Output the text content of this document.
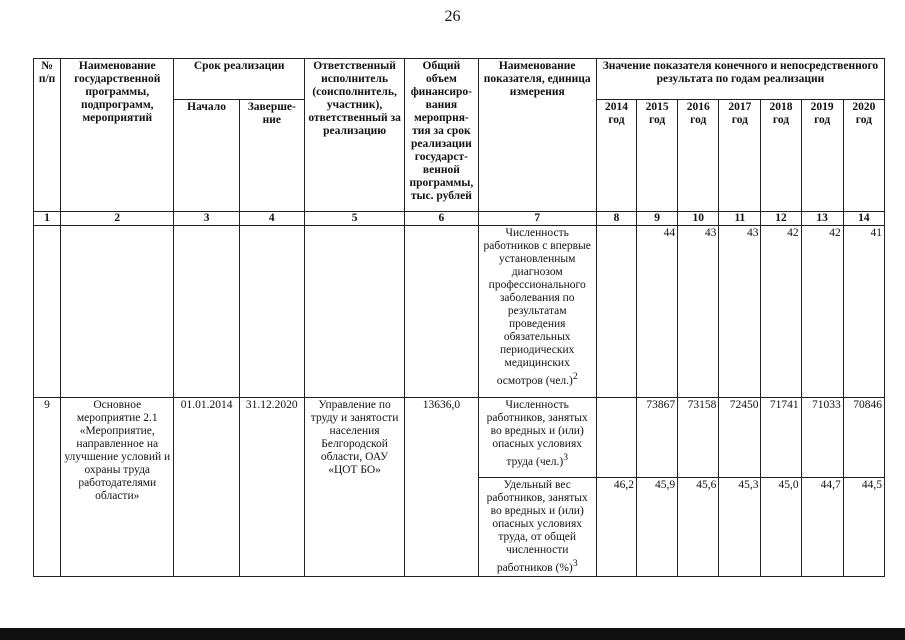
26
№ п/п	Наименование государственной программы, подпрограмм, мероприятий	Срок реализации		Ответственный исполнитель (соисполнитель, участник), ответственный за реализацию	Общий объем финансиро-вания меропрня-тия за срок реализации государст-венной программы, тыс. рублей	Наименование показателя, единица измерения	Значение показателя конечного и непосредственного результата по годам реализации						
		Начало	Заверше-ние				2014 год	2015 год	2016 год	2017 год	2018 год	2019 год	2020 год
1	2	3	4	5	6	7	8	9	10	11	12	13	14
						Численность работников с впервые установленным диагнозом профессионального заболевания по результатам проведения обязательных периодических медицинских осмотров $(чел.)^2$		44	43	43	42	42	41
9	Основное мероприятие 2.1 «Мероприятие, направленное на улучшение условий и охраны труда работодателями области»	01.01.2014	31.12.2020	Управление по труду и занятости населения Белгородской области, ОАУ «ЦОТ БО»	13636,0	Численность работников, занятых во вредных и (или) опасных условиях труда $(чел.)^3$		73867	73158	72450	71741	71033	70846
						Удельный вес работников, занятых во вредных и (или) опасных условиях труда, от общей численности работников (%)$^3$	46,2	45,9	45,6	45,3	45,0	44,7	44,5
